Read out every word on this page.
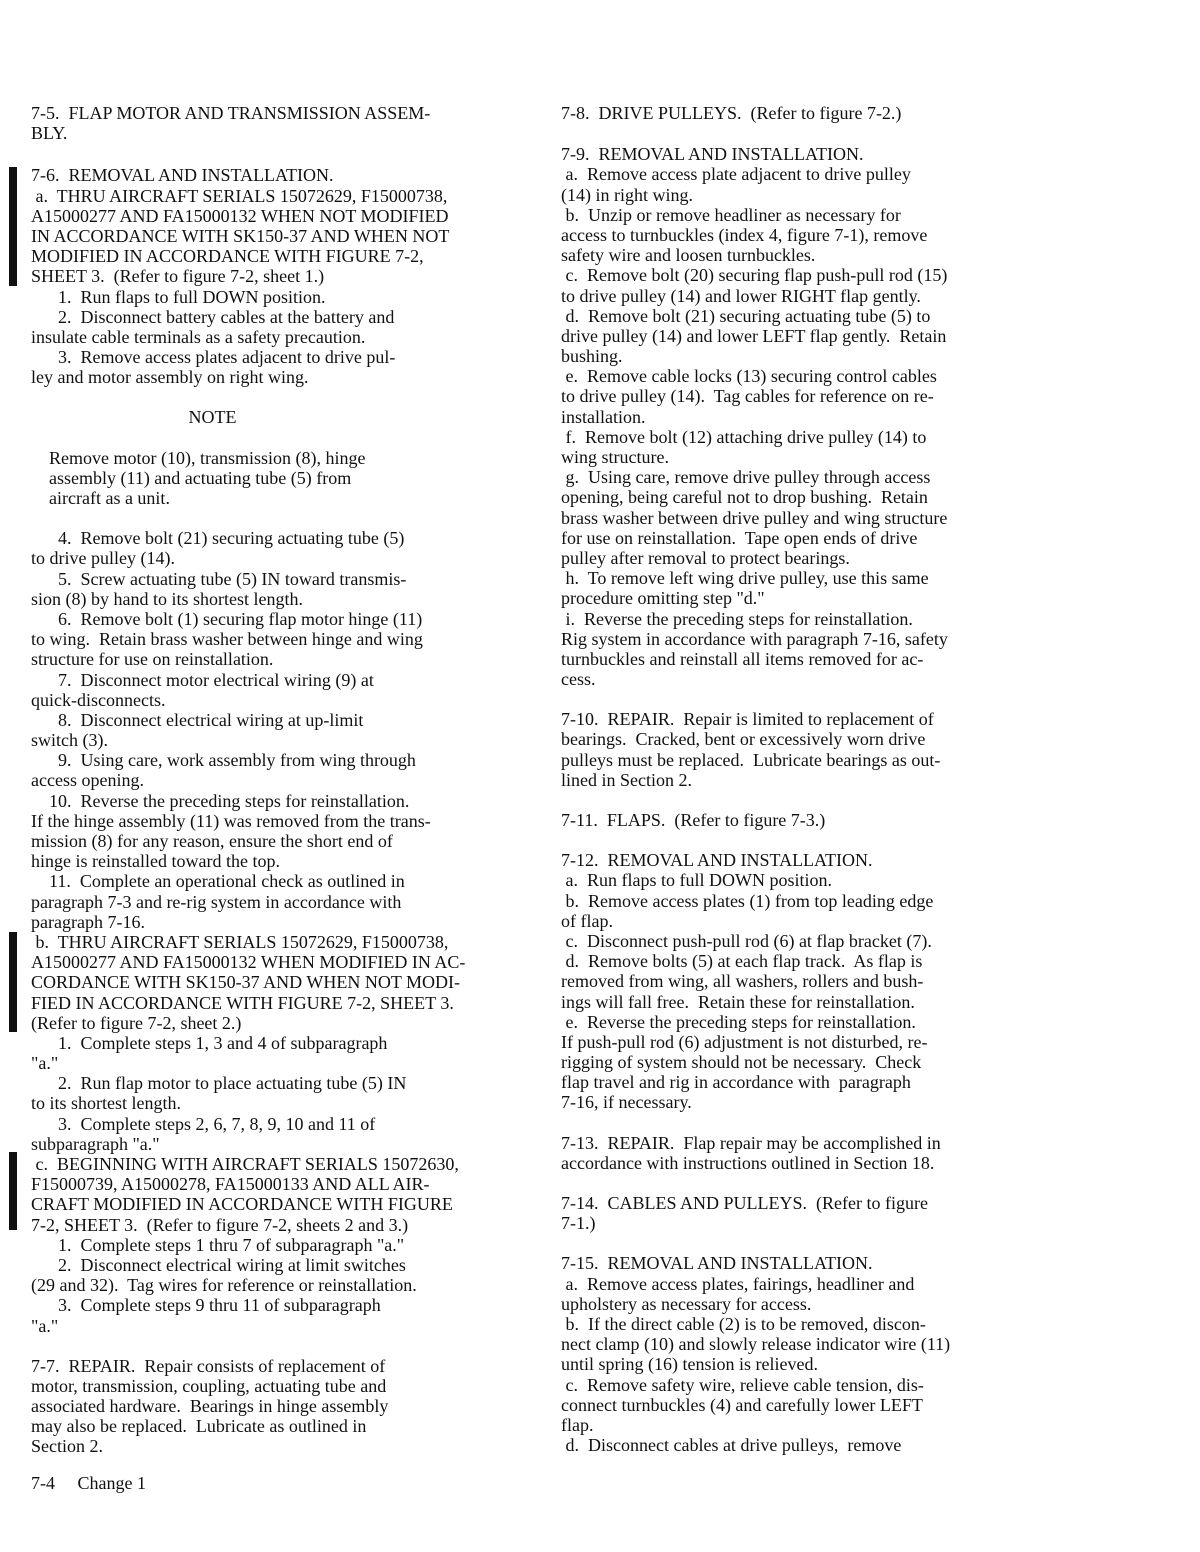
7-5.  FLAP MOTOR AND TRANSMISSION ASSEM-
BLY.
7-6.  REMOVAL AND INSTALLATION.
a.  THRU AIRCRAFT SERIALS 15072629, F15000738,
A15000277 AND FA15000132 WHEN NOT MODIFIED
IN ACCORDANCE WITH SK150-37 AND WHEN NOT
MODIFIED IN ACCORDANCE WITH FIGURE 7-2,
SHEET 3.  (Refer to figure 7-2, sheet 1.)
1.  Run flaps to full DOWN position.
2.  Disconnect battery cables at the battery and
insulate cable terminals as a safety precaution.
3.  Remove access plates adjacent to drive pul-
ley and motor assembly on right wing.
NOTE
Remove motor (10), transmission (8), hinge
assembly (11) and actuating tube (5) from
aircraft as a unit.
4.  Remove bolt (21) securing actuating tube (5)
to drive pulley (14).
5.  Screw actuating tube (5) IN toward transmis-
sion (8) by hand to its shortest length.
6.  Remove bolt (1) securing flap motor hinge (11)
to wing.  Retain brass washer between hinge and wing
structure for use on reinstallation.
7.  Disconnect motor electrical wiring (9) at
quick-disconnects.
8.  Disconnect electrical wiring at up-limit
switch (3).
9.  Using care, work assembly from wing through
access opening.
10.  Reverse the preceding steps for reinstallation.
If the hinge assembly (11) was removed from the trans-
mission (8) for any reason, ensure the short end of
hinge is reinstalled toward the top.
11.  Complete an operational check as outlined in
paragraph 7-3 and re-rig system in accordance with
paragraph 7-16.
b.  THRU AIRCRAFT SERIALS 15072629, F15000738,
A15000277 AND FA15000132 WHEN MODIFIED IN AC-
CORDANCE WITH SK150-37 AND WHEN NOT MODI-
FIED IN ACCORDANCE WITH FIGURE 7-2, SHEET 3.
(Refer to figure 7-2, sheet 2.)
1.  Complete steps 1, 3 and 4 of subparagraph
"a."
2.  Run flap motor to place actuating tube (5) IN
to its shortest length.
3.  Complete steps 2, 6, 7, 8, 9, 10 and 11 of
subparagraph "a."
c.  BEGINNING WITH AIRCRAFT SERIALS 15072630,
F15000739, A15000278, FA15000133 AND ALL AIR-
CRAFT MODIFIED IN ACCORDANCE WITH FIGURE
7-2, SHEET 3.  (Refer to figure 7-2, sheets 2 and 3.)
1.  Complete steps 1 thru 7 of subparagraph "a."
2.  Disconnect electrical wiring at limit switches
(29 and 32).  Tag wires for reference or reinstallation.
3.  Complete steps 9 thru 11 of subparagraph
"a."
7-7.  REPAIR.  Repair consists of replacement of
motor, transmission, coupling, actuating tube and
associated hardware.  Bearings in hinge assembly
may also be replaced.  Lubricate as outlined in
Section 2.
7-8.  DRIVE PULLEYS.  (Refer to figure 7-2.)
7-9.  REMOVAL AND INSTALLATION.
a.  Remove access plate adjacent to drive pulley
(14) in right wing.
b.  Unzip or remove headliner as necessary for
access to turnbuckles (index 4, figure 7-1), remove
safety wire and loosen turnbuckles.
c.  Remove bolt (20) securing flap push-pull rod (15)
to drive pulley (14) and lower RIGHT flap gently.
d.  Remove bolt (21) securing actuating tube (5) to
drive pulley (14) and lower LEFT flap gently.  Retain
bushing.
e.  Remove cable locks (13) securing control cables
to drive pulley (14).  Tag cables for reference on re-
installation.
f.  Remove bolt (12) attaching drive pulley (14) to
wing structure.
g.  Using care, remove drive pulley through access
opening, being careful not to drop bushing.  Retain
brass washer between drive pulley and wing structure
for use on reinstallation.  Tape open ends of drive
pulley after removal to protect bearings.
h.  To remove left wing drive pulley, use this same
procedure omitting step "d."
i.  Reverse the preceding steps for reinstallation.
Rig system in accordance with paragraph 7-16, safety
turnbuckles and reinstall all items removed for ac-
cess.
7-10.  REPAIR.  Repair is limited to replacement of
bearings.  Cracked, bent or excessively worn drive
pulleys must be replaced.  Lubricate bearings as out-
lined in Section 2.
7-11.  FLAPS.  (Refer to figure 7-3.)
7-12.  REMOVAL AND INSTALLATION.
a.  Run flaps to full DOWN position.
b.  Remove access plates (1) from top leading edge
of flap.
c.  Disconnect push-pull rod (6) at flap bracket (7).
d.  Remove bolts (5) at each flap track.  As flap is
removed from wing, all washers, rollers and bush-
ings will fall free.  Retain these for reinstallation.
e.  Reverse the preceding steps for reinstallation.
If push-pull rod (6) adjustment is not disturbed, re-
rigging of system should not be necessary.  Check
flap travel and rig in accordance with  paragraph
7-16, if necessary.
7-13.  REPAIR.  Flap repair may be accomplished in
accordance with instructions outlined in Section 18.
7-14.  CABLES AND PULLEYS.  (Refer to figure
7-1.)
7-15.  REMOVAL AND INSTALLATION.
a.  Remove access plates, fairings, headliner and
upholstery as necessary for access.
b.  If the direct cable (2) is to be removed, discon-
nect clamp (10) and slowly release indicator wire (11)
until spring (16) tension is relieved.
c.  Remove safety wire, relieve cable tension, dis-
connect turnbuckles (4) and carefully lower LEFT
flap.
d.  Disconnect cables at drive pulleys,  remove
7-4 Change 1
